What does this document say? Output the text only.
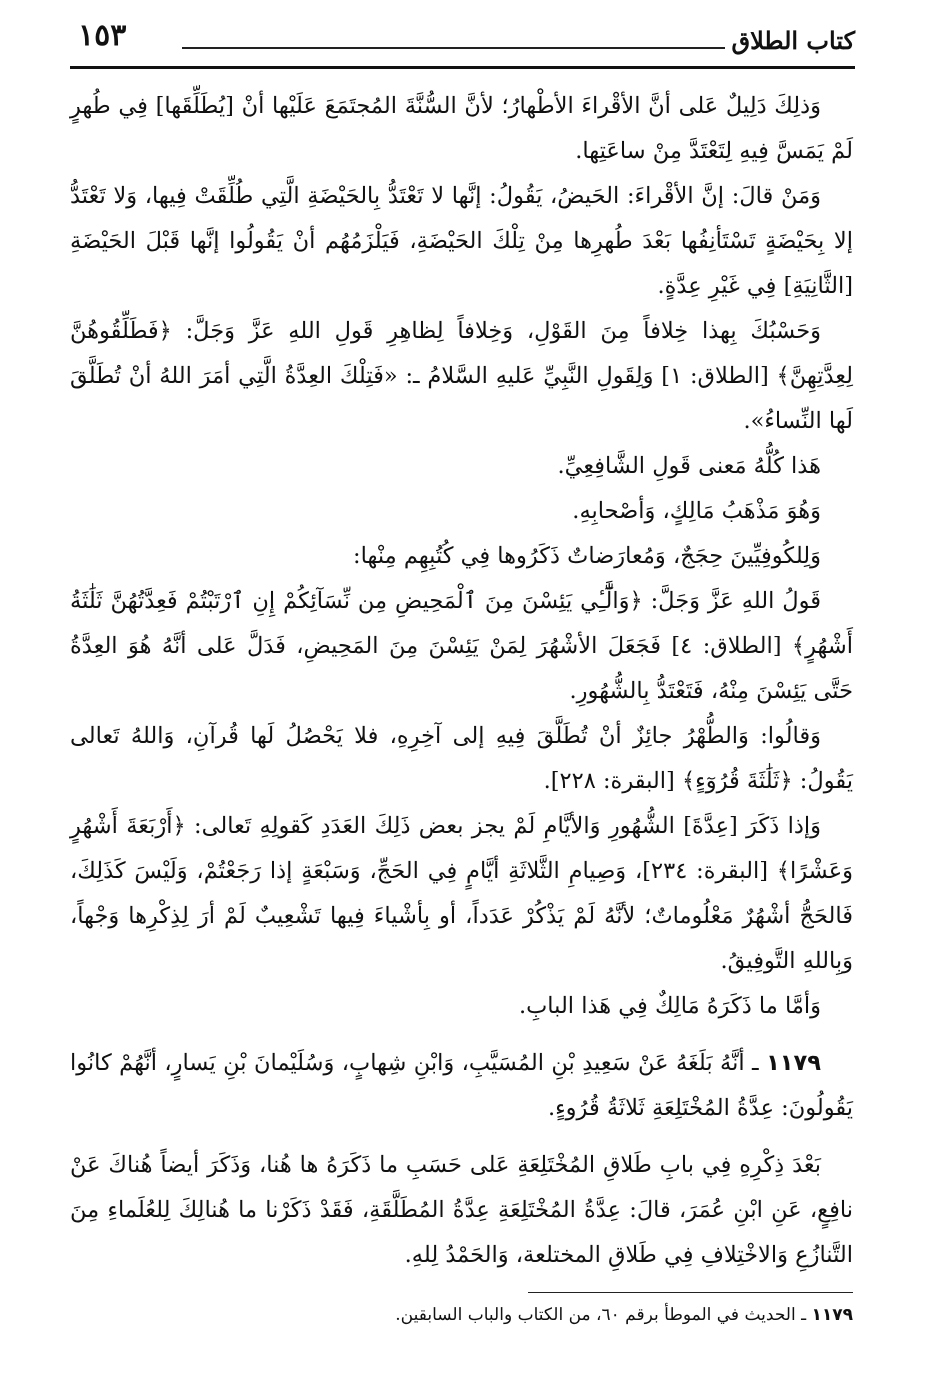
١٥٣	كتاب الطلاق

وَذلِكَ دَلِيلٌ عَلى أنَّ الأقْراءَ الأطْهارُ؛ لأنَّ السُّنَّةَ المُجتَمَعَ عَلَيْها أنْ [يُطَلِّقَها] فِي طُهرٍ لَمْ يَمَسَّ فِيهِ لِتَعْتَدَّ مِنْ ساعَتِها.

وَمَنْ قالَ: إنَّ الأقْراءَ: الحَيضُ، يَقُولُ: إنَّها لا تَعْتَدُّ بِالحَيْضَةِ الَّتِي طُلِّقَتْ فِيها، وَلا تَعْتَدُّ إلا بِحَيْضَةٍ تَسْتَأنِفُها بَعْدَ طُهرِها مِنْ تِلْكَ الحَيْضَةِ، فَيَلْزَمُهُم أنْ يَقُولُوا إنَّها قَبْلَ الحَيْضَةِ [الثَّانِيَةِ] فِي غَيْرِ عِدَّةٍ.

وَحَسْبُكَ بِهذا خِلافاً مِنَ القَوْلِ، وَخِلافاً لِظاهِرِ قَولِ اللهِ عَزَّ وَجَلَّ: ﴿فَطَلِّقُوهُنَّ لِعِدَّتِهِنَّ﴾ [الطلاق: ١] وَلِقَولِ النَّبِيِّ عَليهِ السَّلامُ ـ: «فَتِلْكَ العِدَّةُ الَّتِي أمَرَ اللهُ أنْ تُطَلَّقَ لَها النِّساءُ».

هَذا كُلُّهُ مَعنى قَولِ الشَّافِعِيِّ.

وَهُوَ مَذْهَبُ مَالِكٍ، وَأصْحابِهِ.

وَلِلكُوفِيِّينَ حِجَجٌ، وَمُعارَضاتٌ ذَكَرُوها فِي كُتُبِهِم مِنْها:

قَولُ اللهِ عَزَّ وَجَلَّ: ﴿وَالَّٰٓـِٔي يَئِسْنَ مِنَ ٱلْمَحِيضِ مِن نِّسَآئِكُمْ إِنِ ٱرْتَبْتُمْ فَعِدَّتُهُنَّ ثَلَٰثَةُ أَشْهُرٍ﴾ [الطلاق: ٤] فَجَعَلَ الأشْهُرَ لِمَنْ يَئِسْنَ مِنَ المَحِيضِ، فَدَلَّ عَلى أنَّهُ هُوَ العِدَّةُ حَتَّى يَئِسْنَ مِنْهُ، فَتَعْتَدُّ بِالشُّهُورِ.

وَقالُوا: وَالطُّهْرُ جائِزٌ أنْ تُطَلَّقَ فِيهِ إلى آخِرِهِ، فلا يَحْصُلُ لَها قُرآنِ، وَاللهُ تَعالى يَقُولُ: ﴿ثَلَٰثَةَ قُرُوٓءٍ﴾ [البقرة: ٢٢٨].

وَإذا ذَكَرَ [عِدَّةَ] الشُّهُورِ وَالأيَّامِ لَمْ يجز بعض ذَلِكَ العَدَدِ كَقولِهِ تَعالى: ﴿أَرْبَعَةَ أَشْهُرٍ وَعَشْرًا﴾ [البقرة: ٢٣٤]، وَصِيامِ الثَّلاثَةِ أيَّامٍ فِي الحَجِّ، وَسَبْعَةٍ إذا رَجَعْتُمْ، وَلَيْسَ كَذَلِكَ، فَالحَجُّ أشْهُرٌ مَعْلُوماتٌ؛ لأنَّهُ لَمْ يَذْكُرْ عَدَداً، أو بِأشْياءَ فِيها تَشْعِيبٌ لَمْ أرَ لِذِكْرِها وَجْهاً، وَبِاللهِ التَّوفِيقُ.

وَأمَّا ما ذَكَرَهُ مَالِكٌ فِي هَذا البابِ.

١١٧٩ ـ أنَّهُ بَلَغَهُ عَنْ سَعِيدِ بْنِ المُسَيَّبِ، وَابْنِ شِهابٍ، وَسُلَيْمانَ بْنِ يَسارٍ، أنَّهُمْ كانُوا يَقُولُونَ: عِدَّةُ المُخْتَلِعَةِ ثَلاثَةُ قُرُوءٍ.

بَعْدَ ذِكْرِهِ فِي بابِ طَلاقِ المُخْتَلِعَةِ عَلى حَسَبِ ما ذَكَرَهُ ها هُنا، وَذَكَرَ أيضاً هُناكَ عَنْ نافِعٍ، عَنِ ابْنِ عُمَرَ، قالَ: عِدَّةُ المُخْتَلِعَةِ عِدَّةُ المُطَلَّقَةِ، فَقَدْ ذَكَرْنا ما هُنالِكَ لِلعُلَماءِ مِنَ التَّنازُعِ وَالاخْتِلافِ فِي طَلاقِ المختلعة، وَالحَمْدُ لِلهِ.

١١٧٩ ـ الحديث في الموطأ برقم ٦٠، من الكتاب والباب السابقين.
